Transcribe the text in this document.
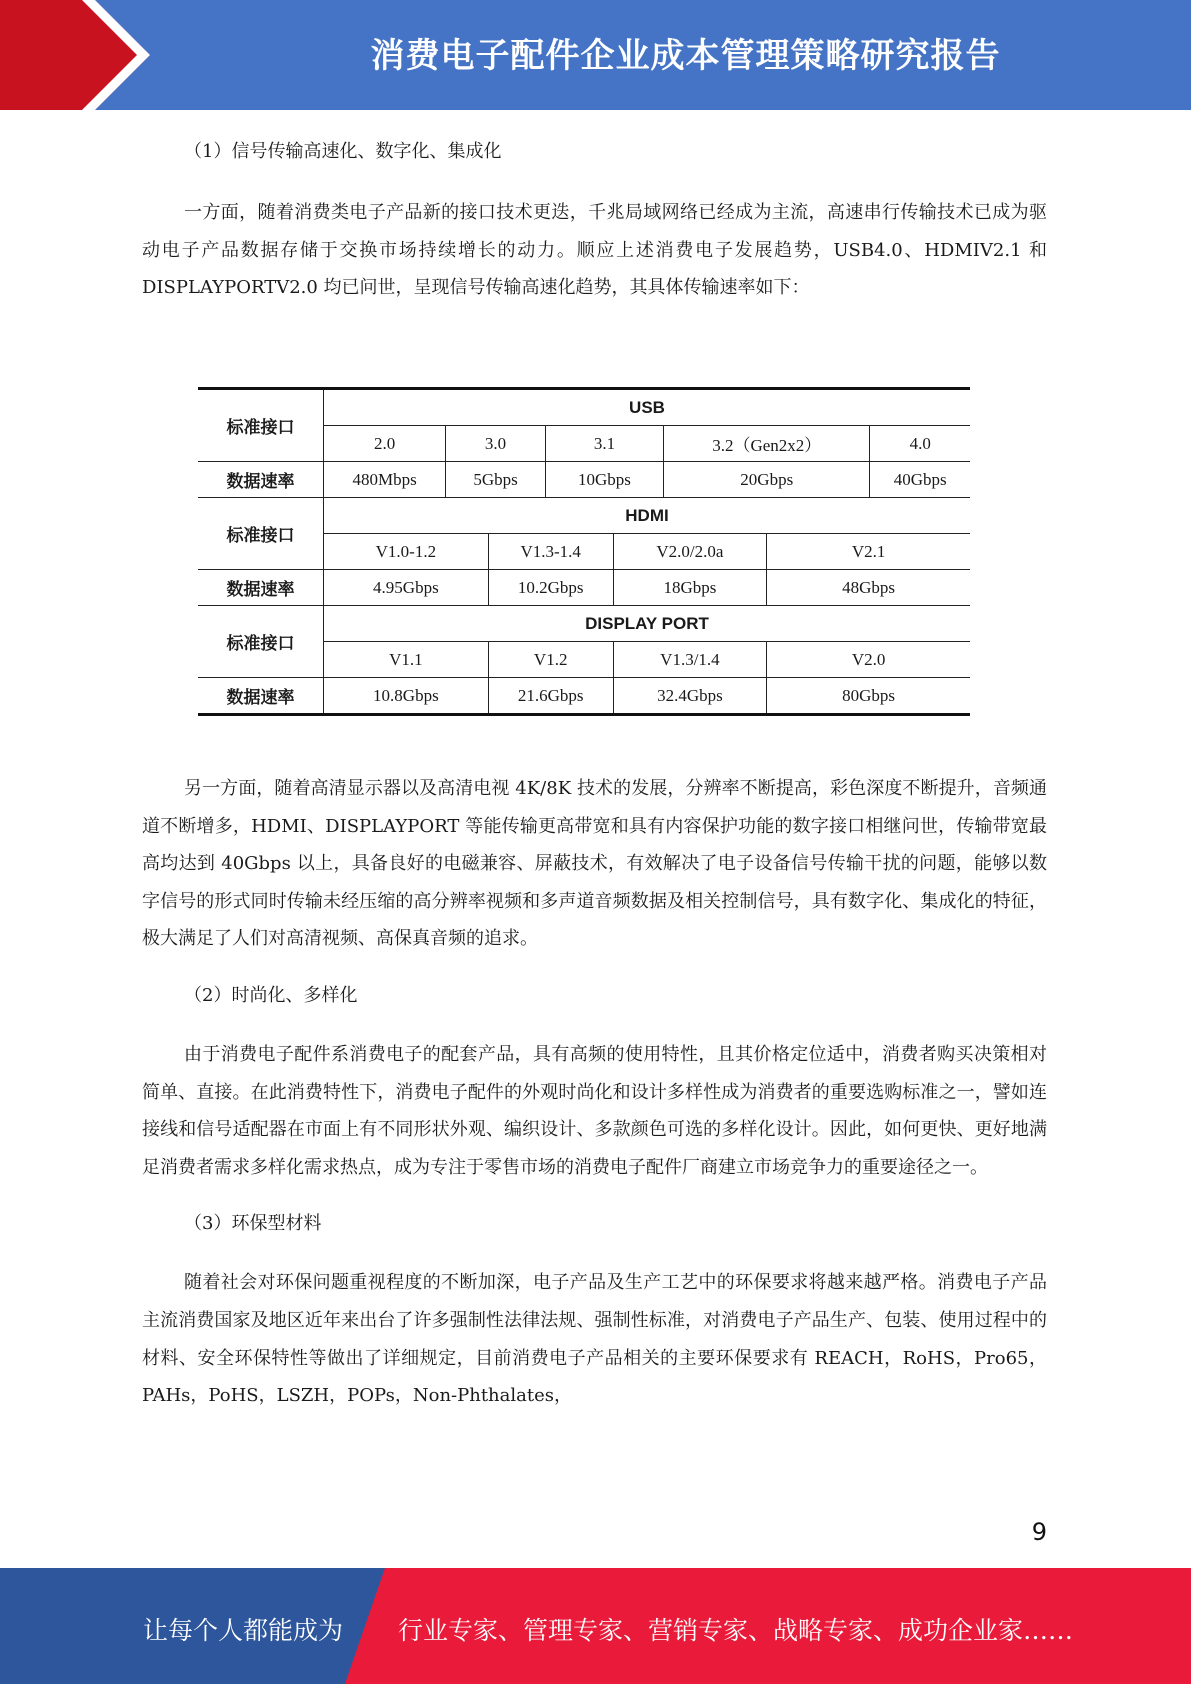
消费电子配件企业成本管理策略研究报告

（1）信号传输高速化、数字化、集成化

一方面，随着消费类电子产品新的接口技术更迭，千兆局域网络已经成为主流，高速串行传输技术已成为驱动电子产品数据存储于交换市场持续增长的动力。顺应上述消费电子发展趋势，USB4.0、HDMIV2.1 和 DISPLAYPORTV2.0 均已问世，呈现信号传输高速化趋势，其具体传输速率如下：

标准接口	USB							
	2.0	3.0		3.1		3.2（Gen2x2）		4.0
数据速率	480Mbps	5Gbps		10Gbps		20Gbps		40Gbps
标准接口	HDMI							
	V1.0-1.2		V1.3-1.4		V2.0/2.0a		V2.1	
数据速率	4.95Gbps		10.2Gbps		18Gbps		48Gbps	
标准接口	DISPLAY PORT							
	V1.1		V1.2		V1.3/1.4		V2.0	
数据速率	10.8Gbps		21.6Gbps		32.4Gbps		80Gbps	

另一方面，随着高清显示器以及高清电视 4K/8K 技术的发展，分辨率不断提高，彩色深度不断提升，音频通道不断增多，HDMI、DISPLAYPORT 等能传输更高带宽和具有内容保护功能的数字接口相继问世，传输带宽最高均达到 40Gbps 以上，具备良好的电磁兼容、屏蔽技术，有效解决了电子设备信号传输干扰的问题，能够以数字信号的形式同时传输未经压缩的高分辨率视频和多声道音频数据及相关控制信号，具有数字化、集成化的特征，极大满足了人们对高清视频、高保真音频的追求。

（2）时尚化、多样化

由于消费电子配件系消费电子的配套产品，具有高频的使用特性，且其价格定位适中，消费者购买决策相对简单、直接。在此消费特性下，消费电子配件的外观时尚化和设计多样性成为消费者的重要选购标准之一，譬如连接线和信号适配器在市面上有不同形状外观、编织设计、多款颜色可选的多样化设计。因此，如何更快、更好地满足消费者需求多样化需求热点，成为专注于零售市场的消费电子配件厂商建立市场竞争力的重要途径之一。

（3）环保型材料

随着社会对环保问题重视程度的不断加深，电子产品及生产工艺中的环保要求将越来越严格。消费电子产品主流消费国家及地区近年来出台了许多强制性法律法规、强制性标准，对消费电子产品生产、包装、使用过程中的材料、安全环保特性等做出了详细规定，目前消费电子产品相关的主要环保要求有 REACH，RoHS，Pro65，PAHs，PoHS，LSZH，POPs，Non-Phthalates，

9
让每个人都能成为 行业专家、管理专家、营销专家、战略专家、成功企业家……
